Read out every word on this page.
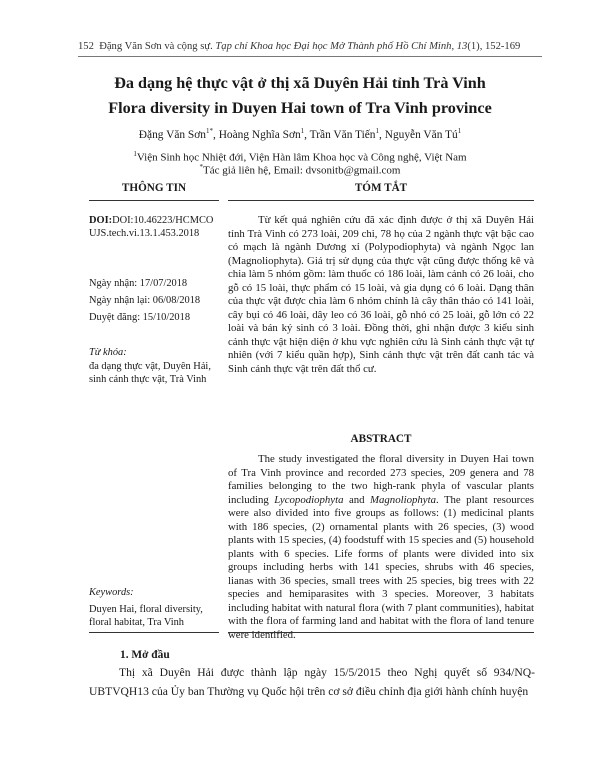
152 Đặng Văn Sơn và cộng sự. Tạp chí Khoa học Đại học Mở Thành phố Hồ Chí Minh, 13(1), 152-169
Đa dạng hệ thực vật ở thị xã Duyên Hải tỉnh Trà Vinh
Flora diversity in Duyen Hai town of Tra Vinh province
Đặng Văn Sơn$^{1*}$, Hoàng Nghĩa Sơn$^1$, Trần Văn Tiến$^1$, Nguyễn Văn $Tú^1$
$^1$Viện Sinh học Nhiệt đới, Viện Hàn lâm Khoa học và Công nghệ, Việt Nam
*Tác giả liên hệ, Email: dvsonitb@gmail.com
THÔNG TIN	TÓM TẮT
DOI:DOI:10.46223/HCMCOUJS.tech.vi.13.1.453.2018
Ngày nhận: 17/07/2018
Ngày nhận lại: 06/08/2018
Duyệt đăng: 15/10/2018
Từ khóa:
đa dạng thực vật, Duyên Hải, sinh cảnh thực vật, Trà Vinh
Keywords:
Duyen Hai, floral diversity, floral habitat, Tra Vinh

Từ kết quả nghiên cứu đã xác định được ở thị xã Duyên Hải tỉnh Trà Vinh có 273 loài, 209 chi, 78 họ của 2 ngành thực vật bậc cao có mạch là ngành Dương xỉ (Polypodiophyta) và ngành Ngọc lan (Magnoliophyta). Giá trị sử dụng của thực vật cũng được thống kê và chia làm 5 nhóm gồm: làm thuốc có 186 loài, làm cảnh có 26 loài, cho gỗ có 15 loài, thực phẩm có 15 loài, và gia dụng có 6 loài. Dạng thân của thực vật được chia làm 6 nhóm chính là cây thân thảo có 141 loài, cây bụi có 46 loài, dây leo có 36 loài, gỗ nhỏ có 25 loài, gỗ lớn có 22 loài và bán ký sinh có 3 loài. Đồng thời, ghi nhận được 3 kiểu sinh cảnh thực vật hiện diện ở khu vực nghiên cứu là Sinh cảnh thực vật tự nhiên (với 7 kiểu quần hợp), Sinh cảnh thực vật trên đất canh tác và Sinh cảnh thực vật trên đất thổ cư.

ABSTRACT

The study investigated the floral diversity in Duyen Hai town of Tra Vinh province and recorded 273 species, 209 genera and 78 families belonging to the two high-rank phyla of vascular plants including Lycopodiophyta and Magnoliophyta. The plant resources were also divided into five groups as follows: (1) medicinal plants with 186 species, (2) ornamental plants with 26 species, (3) wood plants with 15 species, (4) foodstuff with 15 species and (5) household plants with 6 species. Life forms of plants were divided into six groups including herbs with 141 species, shrubs with 46 species, lianas with 36 species, small trees with 25 species, big trees with 22 species and hemiparasites with 3 species. Moreover, 3 habitats including habitat with natural flora (with 7 plant communities), habitat with the flora of farming land and habitat with the flora of land tenure were identified.

1. Mở đầu

Thị xã Duyên Hải được thành lập ngày 15/5/2015 theo Nghị quyết số 934/NQ-UBTVQH13 của Ủy ban Thường vụ Quốc hội trên cơ sở điều chỉnh địa giới hành chính huyện
